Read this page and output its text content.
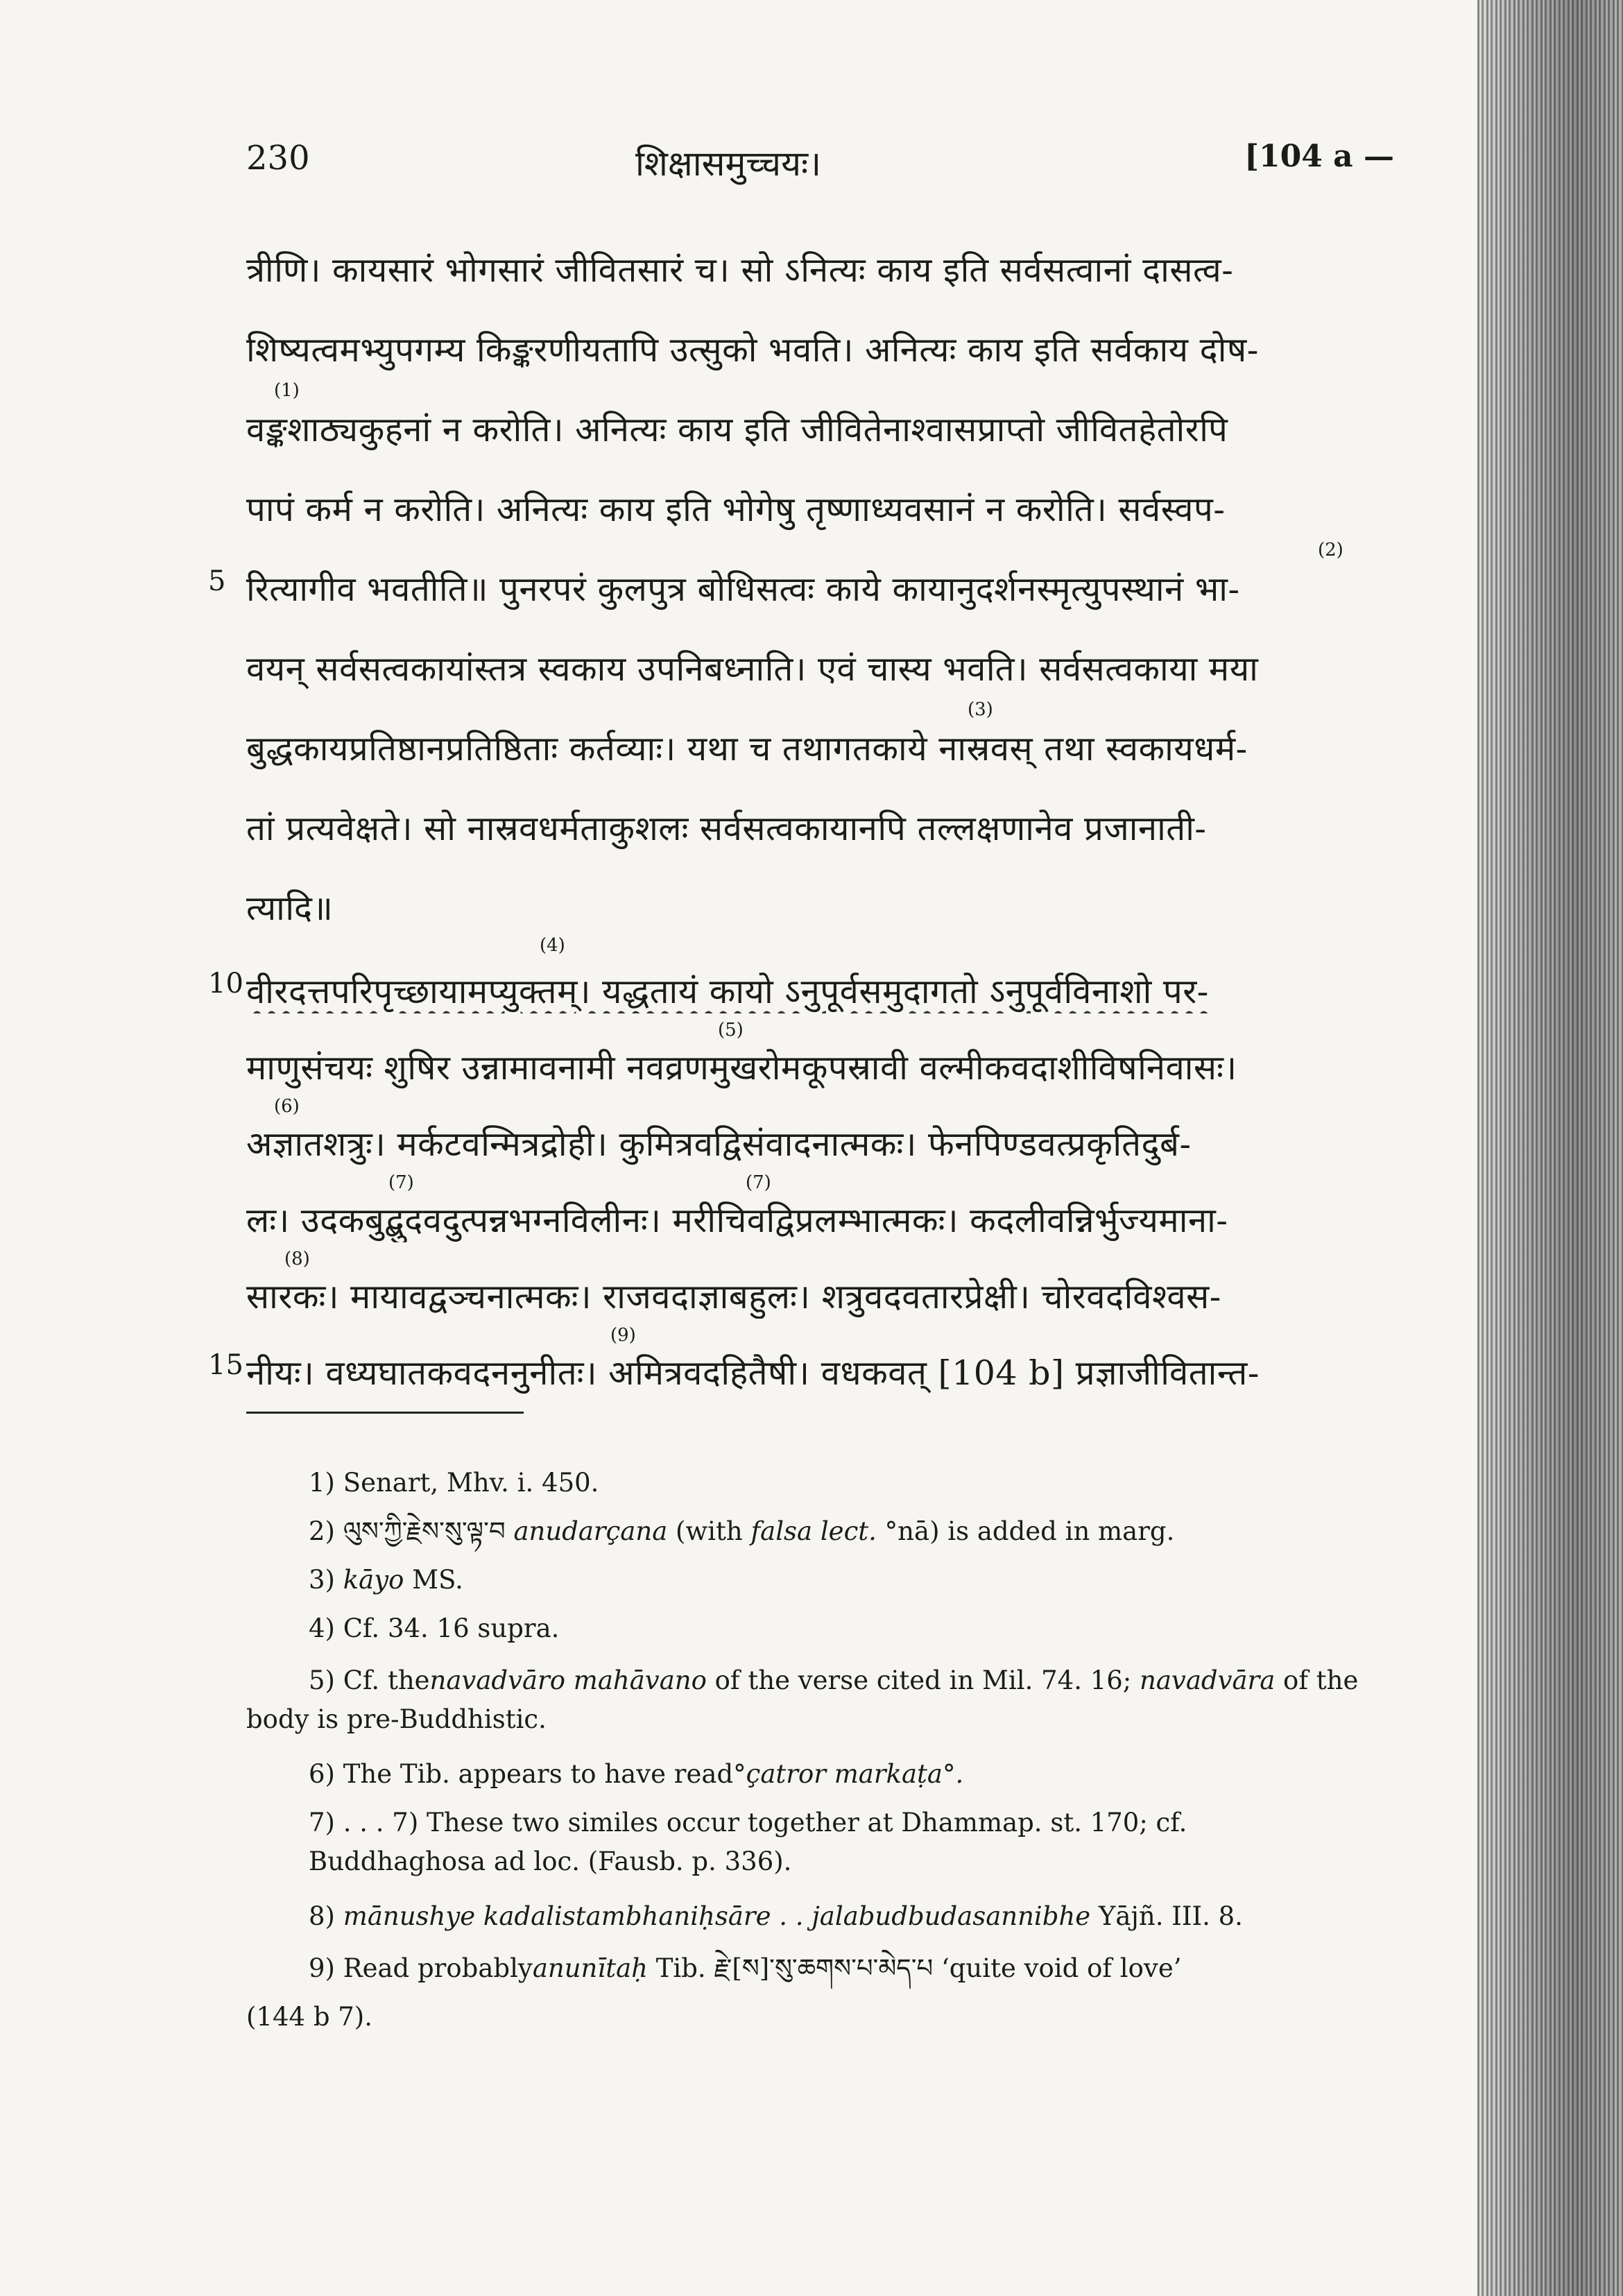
230	शिक्षासमुच्चयः।	[104 a —
त्रीणि। कायसारं भोगसारं जीवितसारं च। सो ऽनित्यः काय इति सर्वसत्वानां दासत्व-
शिष्यत्वमभ्युपगम्य किङ्करणीयतापि उत्सुको भवति। अनित्यः काय इति सर्वकाय दोष-
(1)
वङ्कशाठ्यकुहनां न करोति। अनित्यः काय इति जीवितेनाश्वासप्राप्तो जीवितहेतोरपि
पापं कर्म न करोति। अनित्यः काय इति भोगेषु तृष्णाध्यवसानं न करोति। सर्वस्वप-
(2)
5 रित्यागीव भवतीति॥ पुनरपरं कुलपुत्र बोधिसत्वः काये कायानुदर्शनस्मृत्युपस्थानं भा-
वयन् सर्वसत्वकायांस्तत्र स्वकाय उपनिबध्नाति। एवं चास्य भवति। सर्वसत्वकाया मया
(3)
बुद्धकायप्रतिष्ठानप्रतिष्ठिताः कर्तव्याः। यथा च तथागतकाये नास्रवस् तथा स्वकायधर्म-
तां प्रत्यवेक्षते। सो नास्रवधर्मताकुशलः सर्वसत्वकायानपि तल्लक्षणानेव प्रजानाती-
त्यादि॥
(4)
10 वीरदत्तपरिपृच्छायामप्युक्तम्। यद्धतायं कायो ऽनुपूर्वसमुदागतो ऽनुपूर्वविनाशो पर-
(5)
माणुसंचयः शुषिर उन्नामावनामी नवव्रणमुखरोमकूपस्रावी वल्मीकवदाशीविषनिवासः।
(6)
अज्ञातशत्रुः। मर्कटवन्मित्रद्रोही। कुमित्रवद्विसंवादनात्मकः। फेनपिण्डवत्प्रकृतिदुर्ब-
(7)	(7)
लः। उदकबुद्बुदवदुत्पन्नभग्नविलीनः। मरीचिवद्विप्रलम्भात्मकः। कदलीवन्निर्भुज्यमाना-
(8)
सारकः। मायावद्वञ्चनात्मकः। राजवदाज्ञाबहुलः। शत्रुवदवतारप्रेक्षी। चोरवदविश्वस-
(9)
15 नीयः। वध्यघातकवदननुनीतः। अमित्रवदहितैषी। वधकवत् [104 b] प्रज्ञाजीवितान्त-
1) Senart, Mhv. i. 450.
2) ལུས་ཀྱི་རྗེས་སུ་ལྟ་བ anudarçana (with falsa lect. °nā) is added in marg.
3) kāyo MS.
4) Cf. 34. 16 supra.
5) Cf. thenavadvāro mahāvano of the verse cited in Mil. 74. 16; navadvāra of the body is pre-Buddhistic.
6) The Tib. appears to have read°çatror markaṭa°.
7) . . . 7) These two similes occur together at Dhammap. st. 170; cf. Buddhaghosa ad loc. (Fausb. p. 336).
8) mānushye kadalistambhaniḥsāre . . jalabudbudasannibhe Yājñ. III. 8.
9) Read probablyanunītaḥ Tib. རྗེ་[ས]་སུ་ཆགས་པ་མེད་པ ‘quite void of love’
(144 b 7).
